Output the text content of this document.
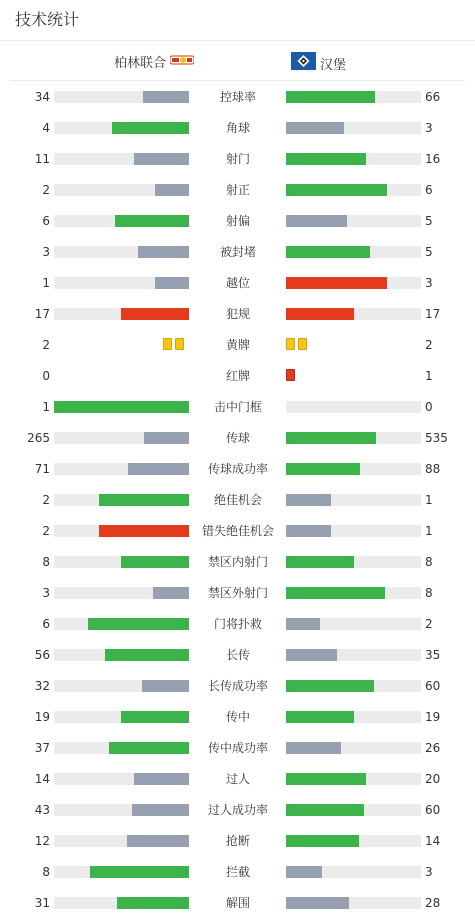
技术统计
柏林联合	汉堡
34	控球率	66
4	角球	3
11	射门	16
2	射正	6
6	射偏	5
3	被封堵	5
1	越位	3
17	犯规	17
2	黄牌	2
0	红牌	1
1	击中门框	0
265	传球	535
71	传球成功率	88
2	绝佳机会	1
2	错失绝佳机会	1
8	禁区内射门	8
3	禁区外射门	8
6	门将扑救	2
56	长传	35
32	长传成功率	60
19	传中	19
37	传中成功率	26
14	过人	20
43	过人成功率	60
12	抢断	14
8	拦截	3
31	解围	28
